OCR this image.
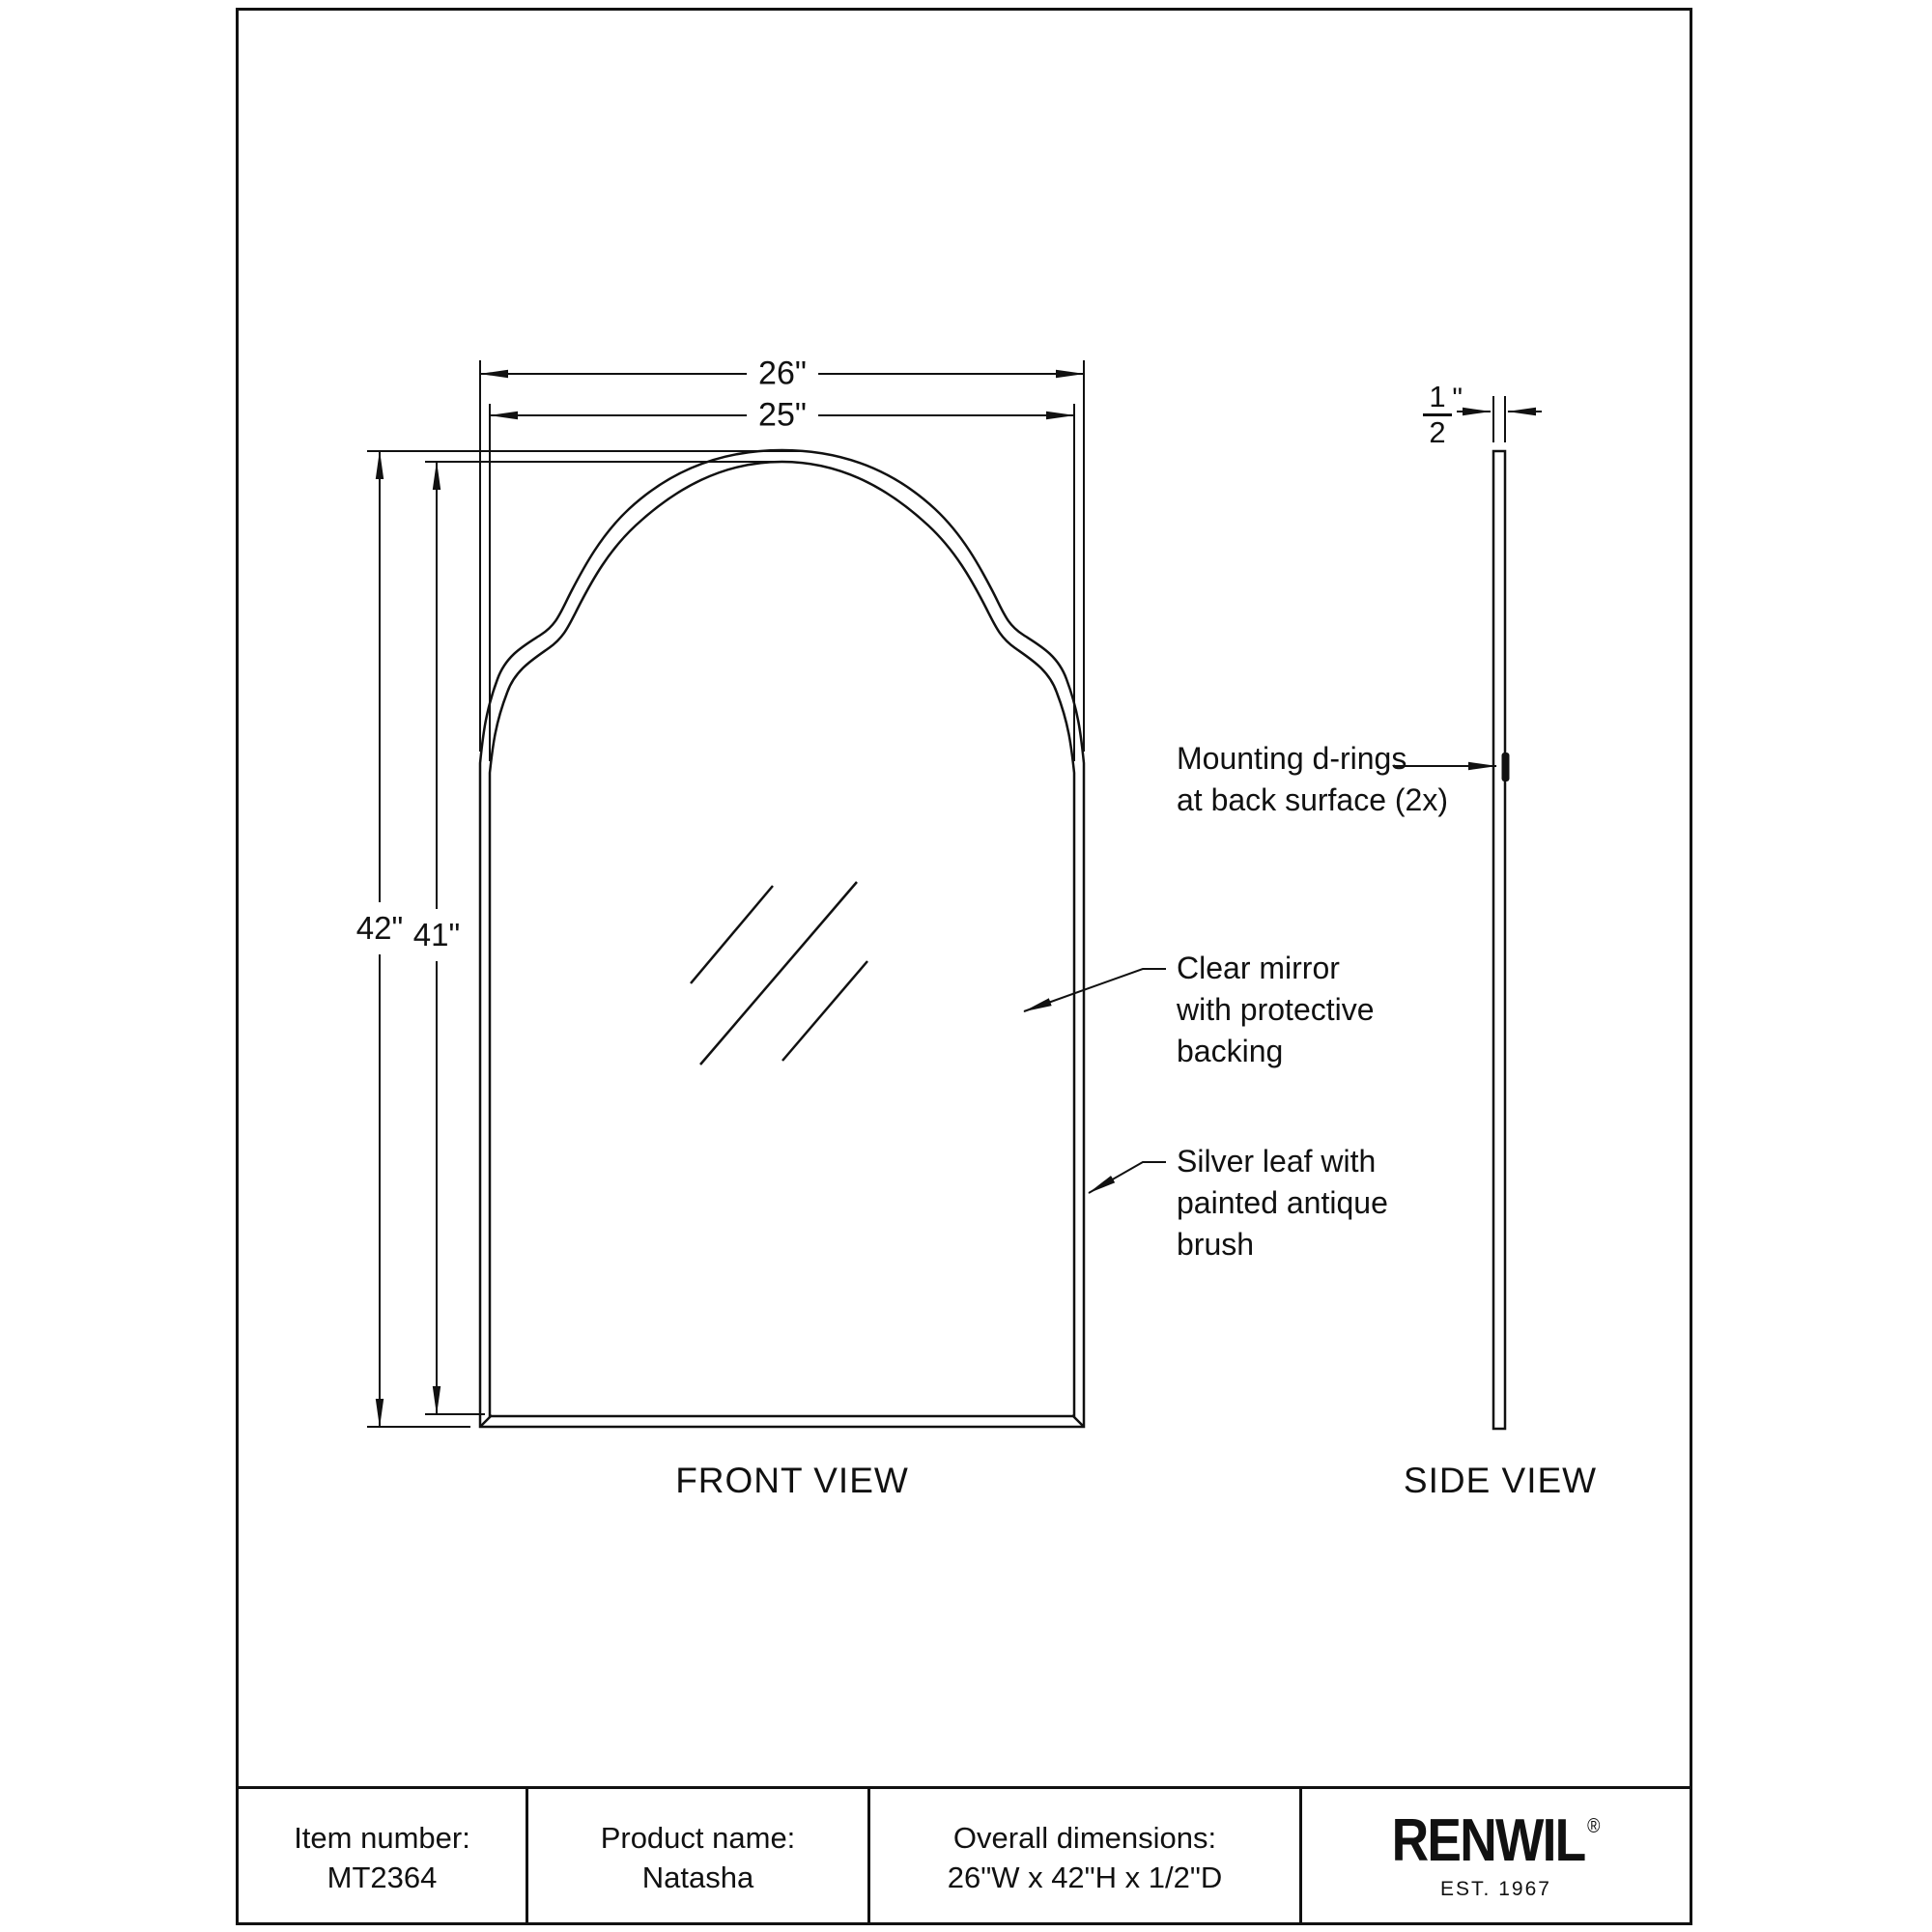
26"
25"
42" 41"
1
2
"
Mounting d-rings
at back surface (2x)
Clear mirror
with protective
backing
Silver leaf with
painted antique
brush
FRONT VIEW	SIDE VIEW
Item number:
MT2364
Product name:
Natasha
Overall dimensions:
26"W x 42"H x 1/2"D
RENWIL ®
EST. 1967
